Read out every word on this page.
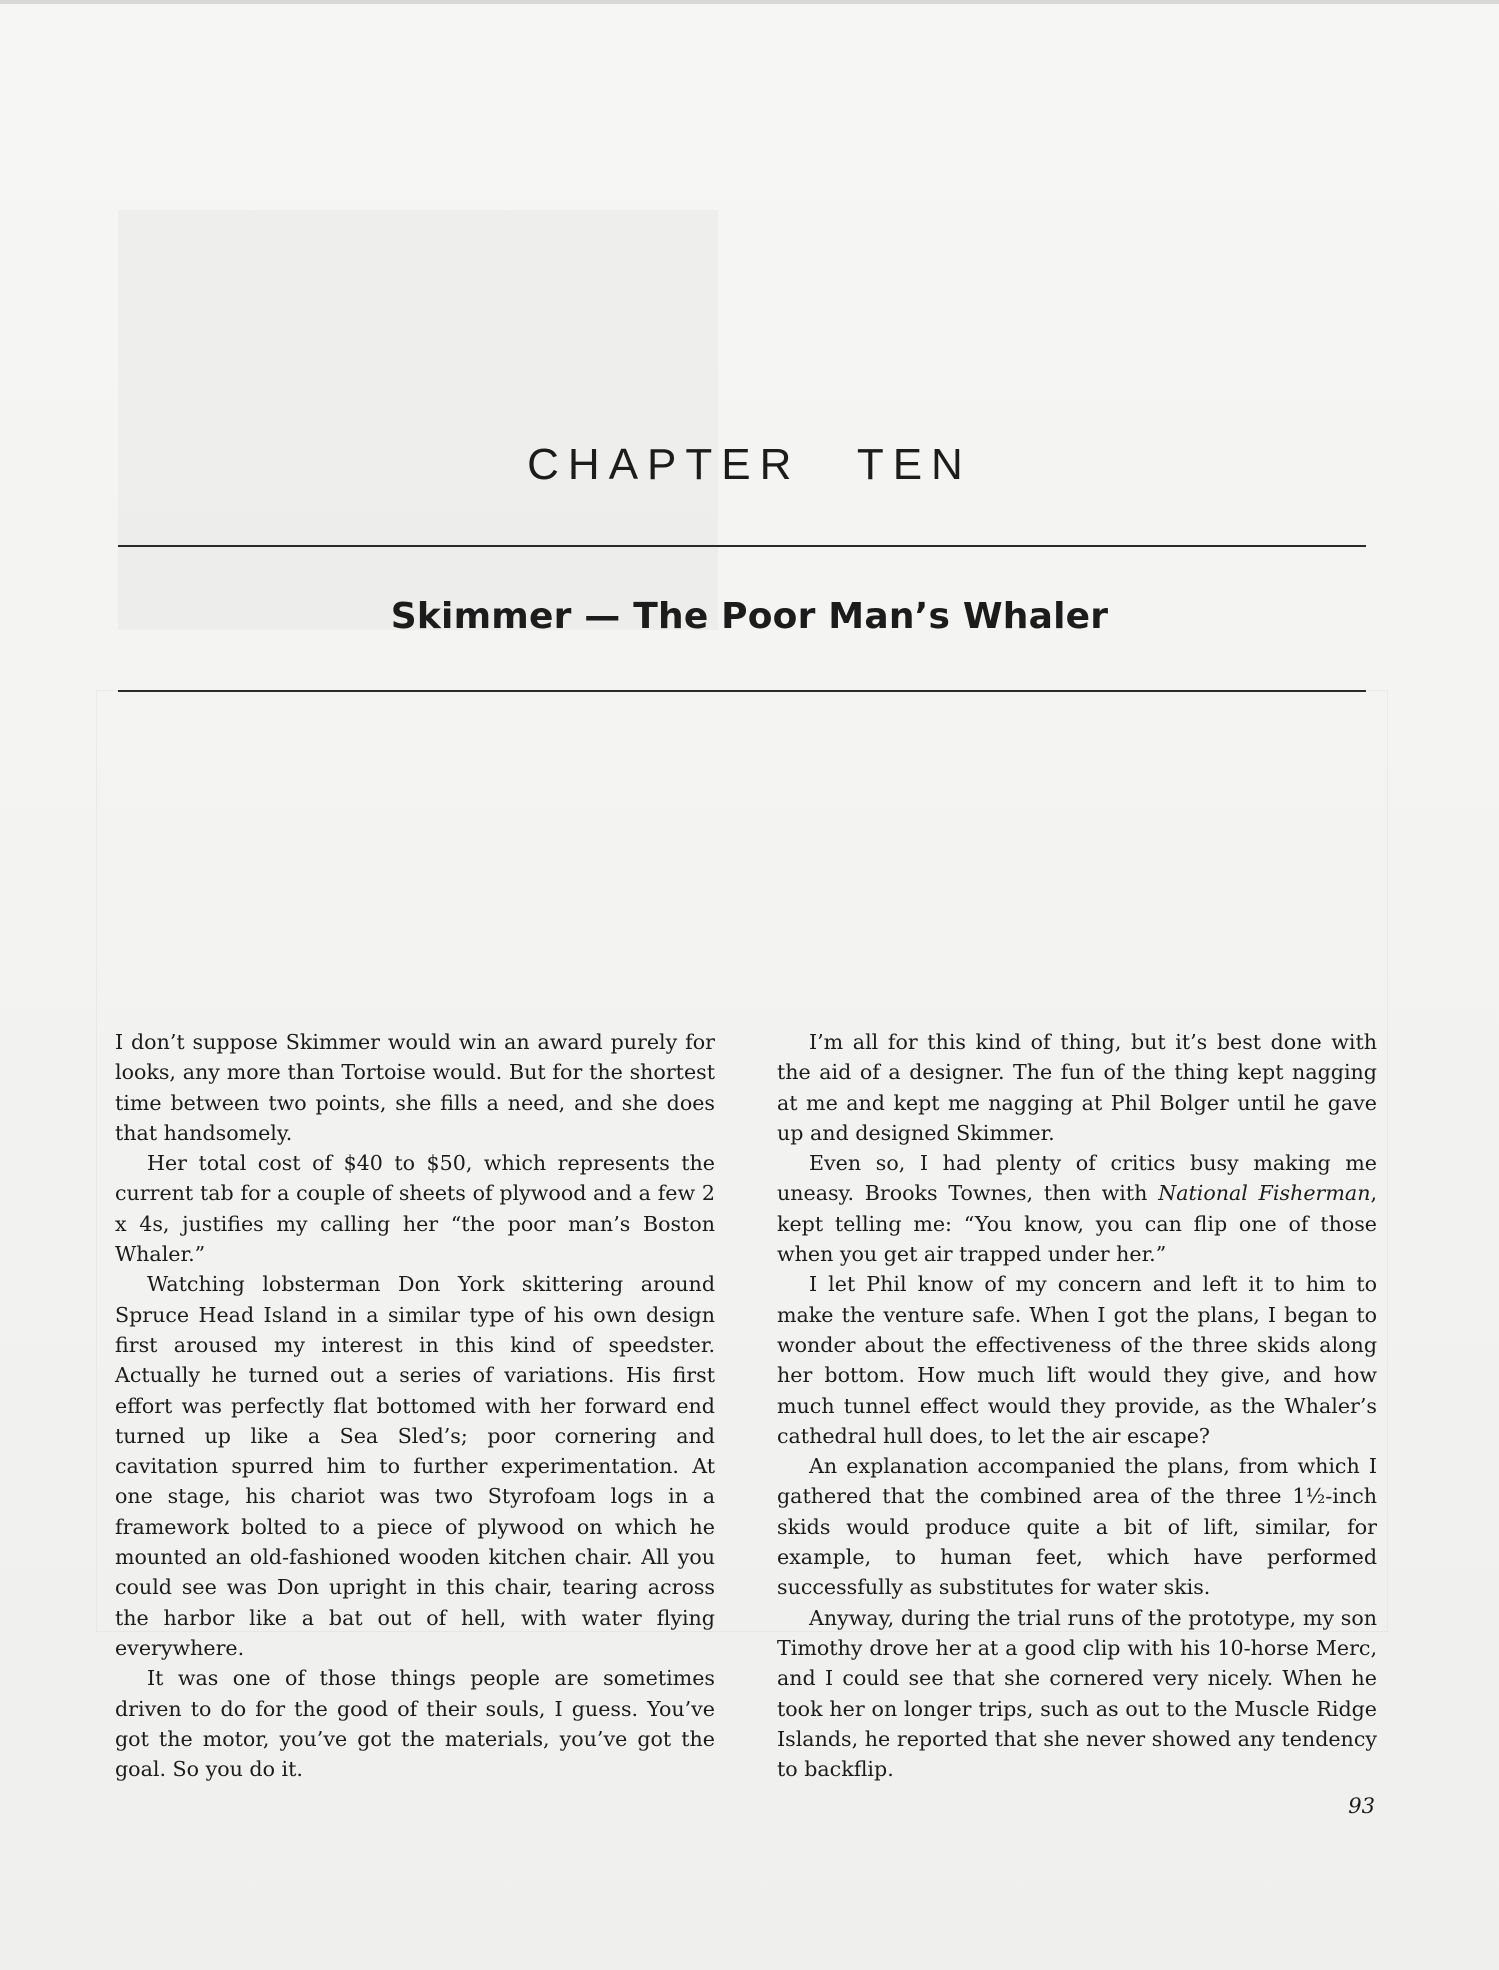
CHAPTER TEN
Skimmer — The Poor Man’s Whaler

I don’t suppose Skimmer would win an award purely for looks, any more than Tortoise would. But for the shortest time between two points, she fills a need, and she does that handsomely.

Her total cost of $40 to $50, which represents the current tab for a couple of sheets of plywood and a few 2 x 4s, justifies my calling her “the poor man’s Boston Whaler.”

Watching lobsterman Don York skittering around Spruce Head Island in a similar type of his own design first aroused my interest in this kind of speedster. Actually he turned out a series of variations. His first effort was perfectly flat bottomed with her forward end turned up like a Sea Sled’s; poor cornering and cavitation spurred him to further experimentation. At one stage, his chariot was two Styrofoam logs in a framework bolted to a piece of plywood on which he mounted an old-fashioned wooden kitchen chair. All you could see was Don upright in this chair, tearing across the harbor like a bat out of hell, with water flying everywhere.

It was one of those things people are sometimes driven to do for the good of their souls, I guess. You’ve got the motor, you’ve got the materials, you’ve got the goal. So you do it.

I’m all for this kind of thing, but it’s best done with the aid of a designer. The fun of the thing kept nagging at me and kept me nagging at Phil Bolger until he gave up and designed Skimmer.

Even so, I had plenty of critics busy making me uneasy. Brooks Townes, then with National Fisherman, kept telling me: “You know, you can flip one of those when you get air trapped under her.”

I let Phil know of my concern and left it to him to make the venture safe. When I got the plans, I began to wonder about the effectiveness of the three skids along her bottom. How much lift would they give, and how much tunnel effect would they provide, as the Whaler’s cathedral hull does, to let the air escape?

An explanation accompanied the plans, from which I gathered that the combined area of the three 1½-inch skids would produce quite a bit of lift, similar, for example, to human feet, which have performed successfully as substitutes for water skis.

Anyway, during the trial runs of the prototype, my son Timothy drove her at a good clip with his 10-horse Merc, and I could see that she cornered very nicely. When he took her on longer trips, such as out to the Muscle Ridge Islands, he reported that she never showed any tendency to backflip.

93
